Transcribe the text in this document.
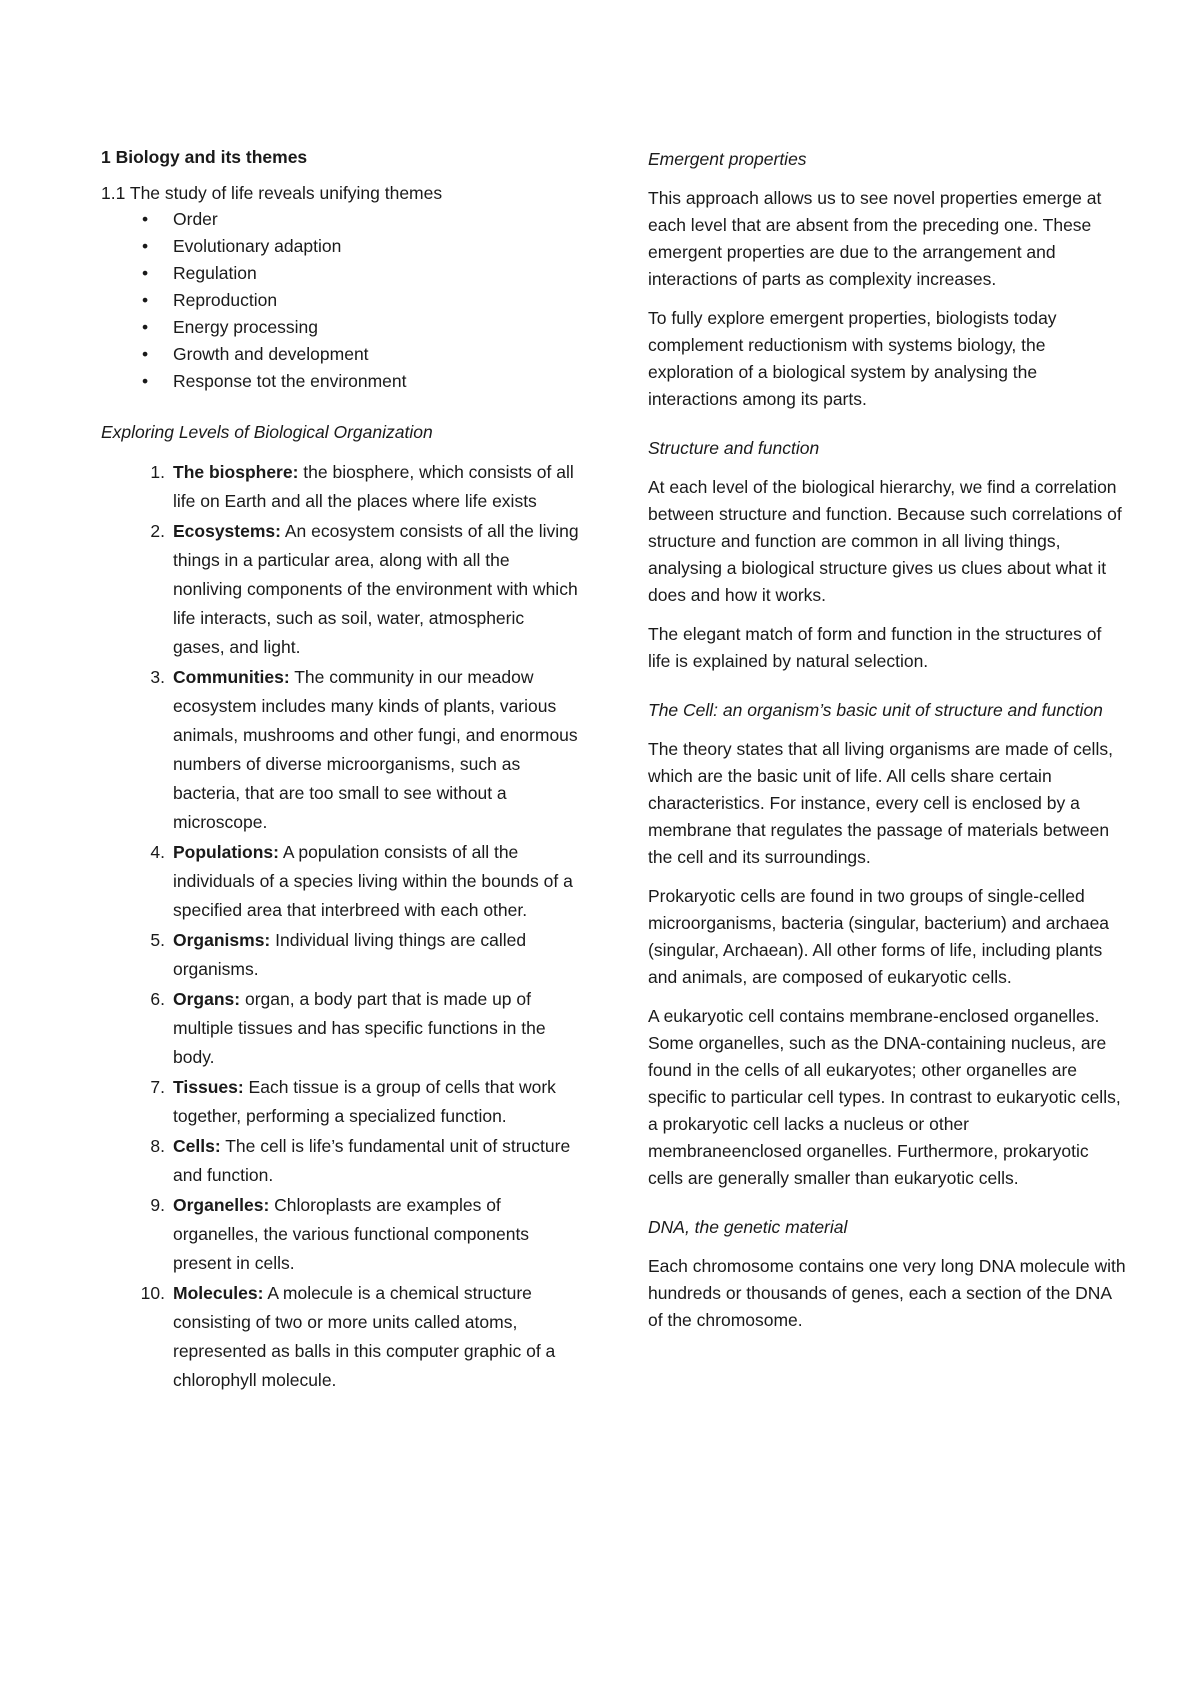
1 Biology and its themes
1.1 The study of life reveals unifying themes
• Order
• Evolutionary adaption
• Regulation
• Reproduction
• Energy processing
• Growth and development
• Response tot the environment
Exploring Levels of Biological Organization
1. The biosphere: the biosphere, which consists of all life on Earth and all the places where life exists
2. Ecosystems: An ecosystem consists of all the living things in a particular area, along with all the nonliving components of the environment with which life interacts, such as soil, water, atmospheric gases, and light.
3. Communities: The community in our meadow ecosystem includes many kinds of plants, various animals, mushrooms and other fungi, and enormous numbers of diverse microorganisms, such as bacteria, that are too small to see without a microscope.
4. Populations: A population consists of all the individuals of a species living within the bounds of a specified area that interbreed with each other.
5. Organisms: Individual living things are called organisms.
6. Organs: organ, a body part that is made up of multiple tissues and has specific functions in the body.
7. Tissues: Each tissue is a group of cells that work together, performing a specialized function.
8. Cells: The cell is life’s fundamental unit of structure and function.
9. Organelles: Chloroplasts are examples of organelles, the various functional components present in cells.
10. Molecules: A molecule is a chemical structure consisting of two or more units called atoms, represented as balls in this computer graphic of a chlorophyll molecule.
Emergent properties

This approach allows us to see novel properties emerge at each level that are absent from the preceding one. These emergent properties are due to the arrangement and interactions of parts as complexity increases.

To fully explore emergent properties, biologists today complement reductionism with systems biology, the exploration of a biological system by analysing the interactions among its parts.

Structure and function

At each level of the biological hierarchy, we find a correlation between structure and function. Because such correlations of structure and function are common in all living things, analysing a biological structure gives us clues about what it does and how it works.

The elegant match of form and function in the structures of life is explained by natural selection.

The Cell: an organism’s basic unit of structure and function

The theory states that all living organisms are made of cells, which are the basic unit of life. All cells share certain characteristics. For instance, every cell is enclosed by a membrane that regulates the passage of materials between the cell and its surroundings.

Prokaryotic cells are found in two groups of single-celled microorganisms, bacteria (singular, bacterium) and archaea (singular, Archaean). All other forms of life, including plants and animals, are composed of eukaryotic cells.

A eukaryotic cell contains membrane-enclosed organelles. Some organelles, such as the DNA-containing nucleus, are found in the cells of all eukaryotes; other organelles are specific to particular cell types. In contrast to eukaryotic cells, a prokaryotic cell lacks a nucleus or other membraneenclosed organelles. Furthermore, prokaryotic cells are generally smaller than eukaryotic cells.

DNA, the genetic material

Each chromosome contains one very long DNA molecule with hundreds or thousands of genes, each a section of the DNA of the chromosome.
